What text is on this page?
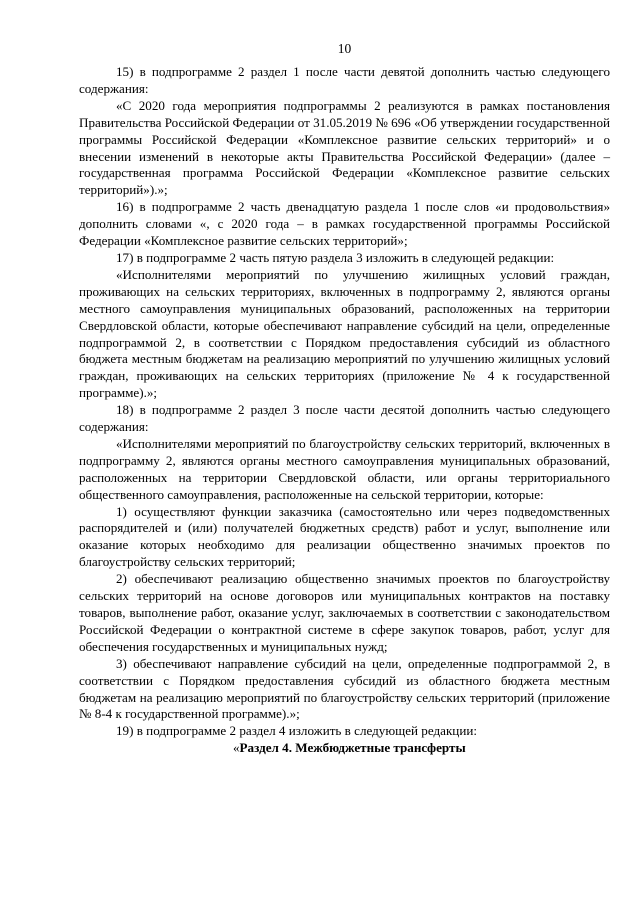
10

15) в подпрограмме 2 раздел 1 после части девятой дополнить частью следующего содержания:

«С 2020 года мероприятия подпрограммы 2 реализуются в рамках постановления Правительства Российской Федерации от 31.05.2019 № 696 «Об утверждении государственной программы Российской Федерации «Комплексное развитие сельских территорий» и о внесении изменений в некоторые акты Правительства Российской Федерации» (далее – государственная программа Российской Федерации «Комплексное развитие сельских территорий»).»;

16) в подпрограмме 2 часть двенадцатую раздела 1 после слов «и продовольствия» дополнить словами «, с 2020 года – в рамках государственной программы Российской Федерации «Комплексное развитие сельских территорий»;

17) в подпрограмме 2 часть пятую раздела 3 изложить в следующей редакции:

«Исполнителями мероприятий по улучшению жилищных условий граждан, проживающих на сельских территориях, включенных в подпрограмму 2, являются органы местного самоуправления муниципальных образований, расположенных на территории Свердловской области, которые обеспечивают направление субсидий на цели, определенные подпрограммой 2, в соответствии с Порядком предоставления субсидий из областного бюджета местным бюджетам на реализацию мероприятий по улучшению жилищных условий граждан, проживающих на сельских территориях (приложение № 4 к государственной программе).»;

18) в подпрограмме 2 раздел 3 после части десятой дополнить частью следующего содержания:

«Исполнителями мероприятий по благоустройству сельских территорий, включенных в подпрограмму 2, являются органы местного самоуправления муниципальных образований, расположенных на территории Свердловской области, или органы территориального общественного самоуправления, расположенные на сельской территории, которые:

1) осуществляют функции заказчика (самостоятельно или через подведомственных распорядителей и (или) получателей бюджетных средств) работ и услуг, выполнение или оказание которых необходимо для реализации общественно значимых проектов по благоустройству сельских территорий;

2) обеспечивают реализацию общественно значимых проектов по благоустройству сельских территорий на основе договоров или муниципальных контрактов на поставку товаров, выполнение работ, оказание услуг, заключаемых в соответствии с законодательством Российской Федерации о контрактной системе в сфере закупок товаров, работ, услуг для обеспечения государственных и муниципальных нужд;

3) обеспечивают направление субсидий на цели, определенные подпрограммой 2, в соответствии с Порядком предоставления субсидий из областного бюджета местным бюджетам на реализацию мероприятий по благоустройству сельских территорий (приложение № 8-4 к государственной программе).»;

19) в подпрограмме 2 раздел 4 изложить в следующей редакции:

«Раздел 4. Межбюджетные трансферты
